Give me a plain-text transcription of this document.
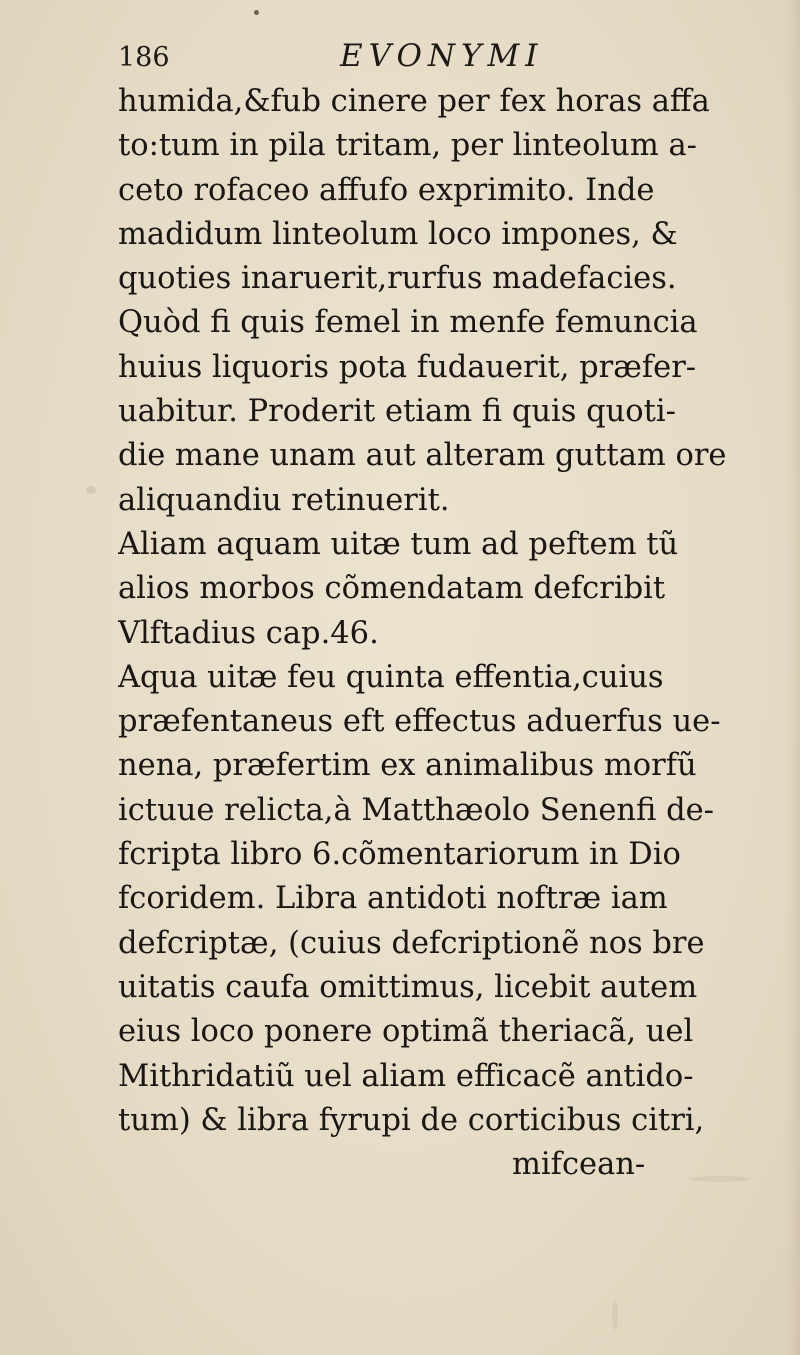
186	EVONYMI
humida,&fub cinere per fex horas affa
to:tum in pila tritam, per linteolum a-
ceto rofaceo affufo exprimito. Inde
madidum linteolum loco impones, &
quoties inaruerit,rurfus madefacies.
Quòd fi quis femel in menfe femuncia
huius liquoris pota fudauerit, præfer-
uabitur. Proderit etiam fi quis quoti-
die mane unam aut alteram guttam ore
aliquandiu retinuerit.
Aliam aquam uitæ tum ad peftem tũ
alios morbos cõmendatam defcribit
Vlftadius cap.46.
Aqua uitæ feu quinta effentia,cuius
præfentaneus eft effectus aduerfus ue-
nena, præfertim ex animalibus morfũ
ictuue relicta,à Matthæolo Senenfi de-
fcripta libro 6.cõmentariorum in Dio
fcoridem. Libra antidoti noftræ iam
defcriptæ, (cuius defcriptionẽ nos bre
uitatis caufa omittimus, licebit autem
eius loco ponere optimã theriacã, uel
Mithridatiũ uel aliam efficacẽ antido-
tum) & libra fyrupi de corticibus citri,
mifcean-
